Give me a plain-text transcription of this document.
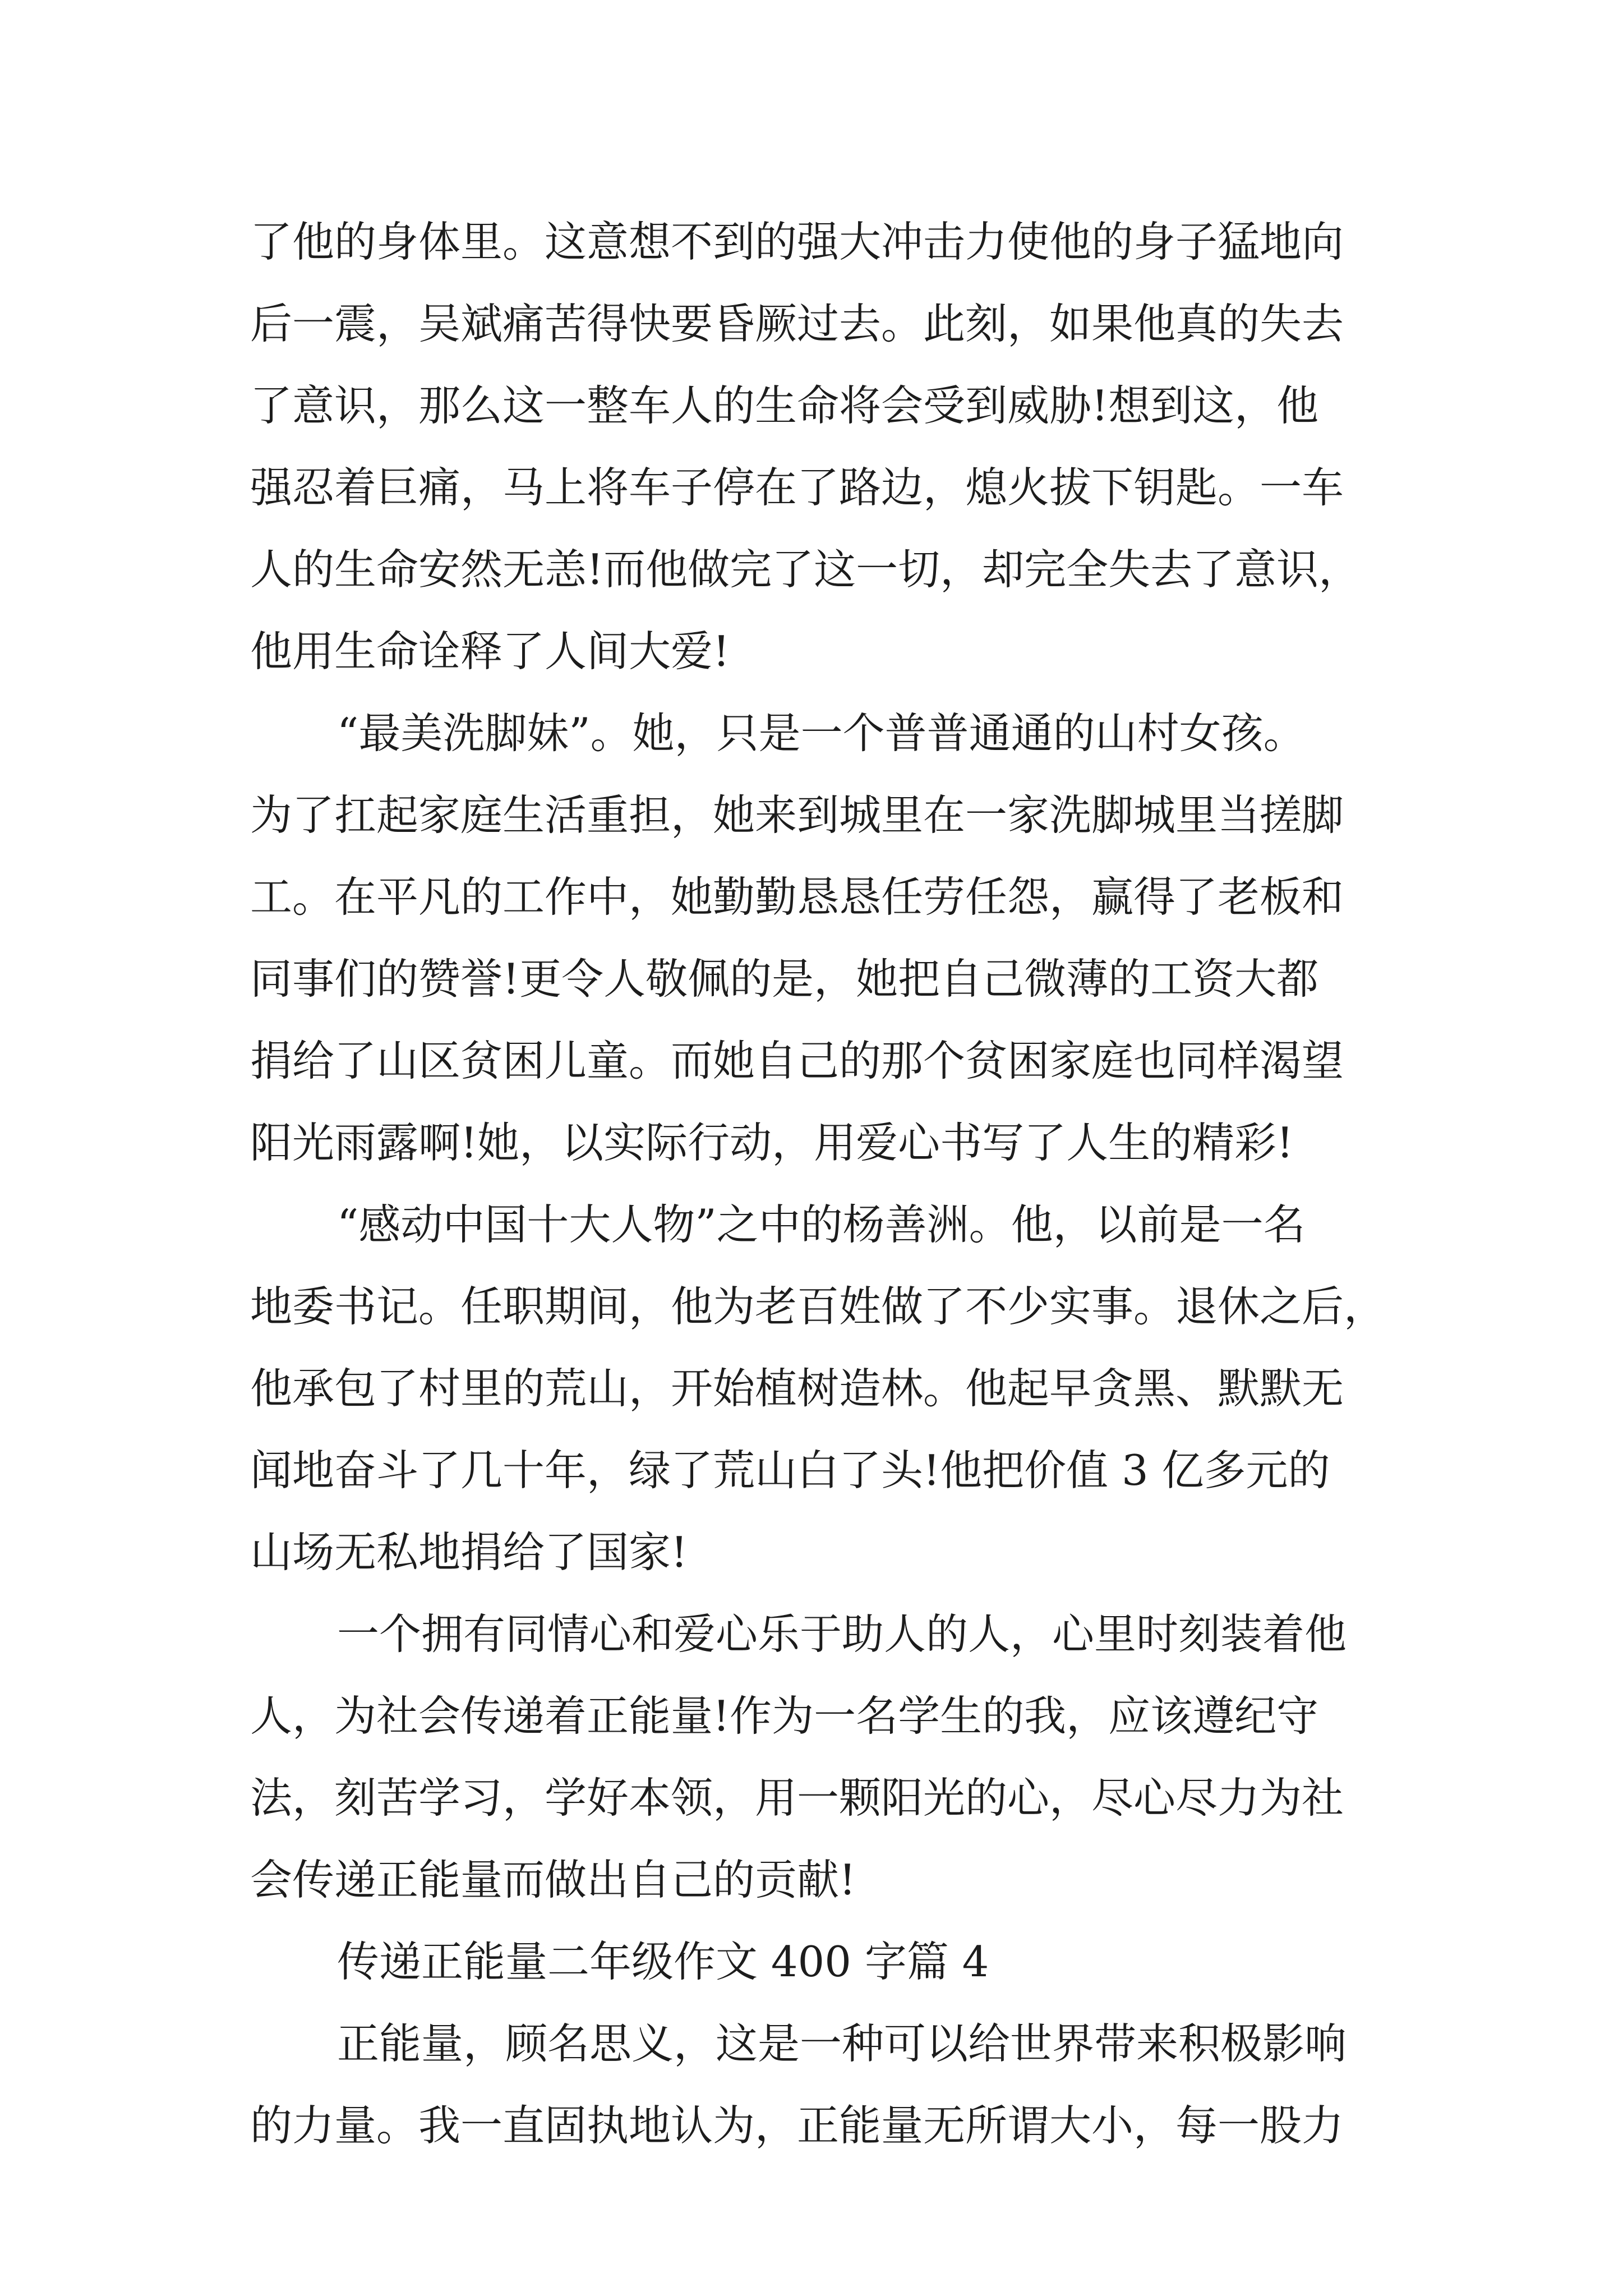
了他的身体里。这意想不到的强大冲击力使他的身子猛地向
后一震，吴斌痛苦得快要昏厥过去。此刻，如果他真的失去
了意识，那么这一整车人的生命将会受到威胁!想到这，他
强忍着巨痛，马上将车子停在了路边，熄火拔下钥匙。一车
人的生命安然无恙!而他做完了这一切，却完全失去了意识，
他用生命诠释了人间大爱!
“最美洗脚妹”。她，只是一个普普通通的山村女孩。
为了扛起家庭生活重担，她来到城里在一家洗脚城里当搓脚
工。在平凡的工作中，她勤勤恳恳任劳任怨，赢得了老板和
同事们的赞誉!更令人敬佩的是，她把自己微薄的工资大都
捐给了山区贫困儿童。而她自己的那个贫困家庭也同样渴望
阳光雨露啊!她，以实际行动，用爱心书写了人生的精彩!
“感动中国十大人物”之中的杨善洲。他，以前是一名
地委书记。任职期间，他为老百姓做了不少实事。退休之后，
他承包了村里的荒山，开始植树造林。他起早贪黑、默默无
闻地奋斗了几十年，绿了荒山白了头!他把价值 3 亿多元的
山场无私地捐给了国家!
一个拥有同情心和爱心乐于助人的人，心里时刻装着他
人，为社会传递着正能量!作为一名学生的我，应该遵纪守
法，刻苦学习，学好本领，用一颗阳光的心，尽心尽力为社
会传递正能量而做出自己的贡献!
传递正能量二年级作文 400 字篇 4
正能量，顾名思义，这是一种可以给世界带来积极影响
的力量。我一直固执地认为，正能量无所谓大小，每一股力
